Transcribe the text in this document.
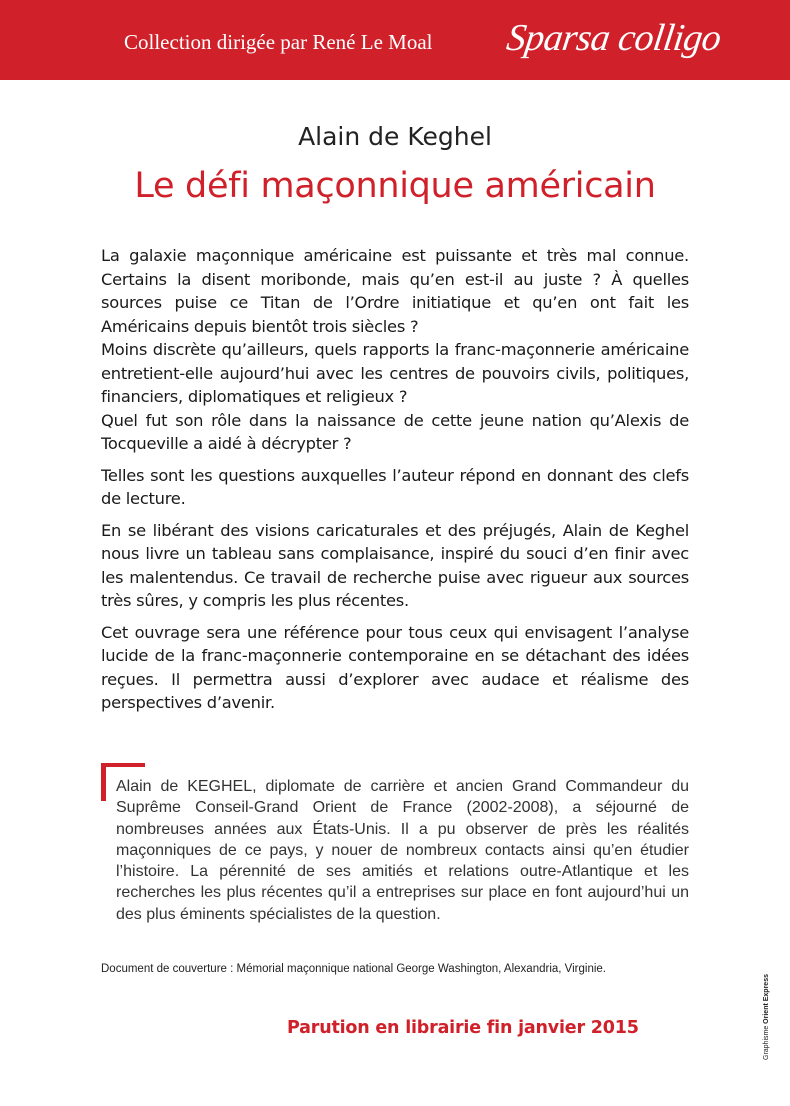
Collection dirigée par René Le Moal Sparsa colligo
Alain de Keghel
Le défi maçonnique américain

La galaxie maçonnique américaine est puissante et très mal connue. Certains la disent moribonde, mais qu’en est-il au juste ? À quelles sources puise ce Titan de l’Ordre initiatique et qu’en ont fait les Américains depuis bientôt trois siècles ?

Moins discrète qu’ailleurs, quels rapports la franc-maçonnerie américaine entretient-elle aujourd’hui avec les centres de pouvoirs civils, politiques, financiers, diplomatiques et religieux ?

Quel fut son rôle dans la naissance de cette jeune nation qu’Alexis de Tocqueville a aidé à décrypter ?

Telles sont les questions auxquelles l’auteur répond en donnant des clefs de lecture.

En se libérant des visions caricaturales et des préjugés, Alain de Keghel nous livre un tableau sans complaisance, inspiré du souci d’en finir avec les malentendus. Ce travail de recherche puise avec rigueur aux sources très sûres, y compris les plus récentes.

Cet ouvrage sera une référence pour tous ceux qui envisagent l’analyse lucide de la franc-maçonnerie contemporaine en se détachant des idées reçues. Il permettra aussi d’explorer avec audace et réalisme des perspectives d’avenir.

Alain de KEGHEL, diplomate de carrière et ancien Grand Commandeur du Suprême Conseil-Grand Orient de France (2002-2008), a séjourné de nombreuses années aux États-Unis. Il a pu observer de près les réalités maçonniques de ce pays, y nouer de nombreux contacts ainsi qu’en étudier l’histoire. La pérennité de ses amitiés et relations outre-Atlantique et les recherches les plus récentes qu’il a entreprises sur place en font aujourd’hui un des plus éminents spécialistes de la question.
Document de couverture : Mémorial maçonnique national George Washington, Alexandria, Virginie.
Parution en librairie fin janvier 2015	Graphisme Orient Express
